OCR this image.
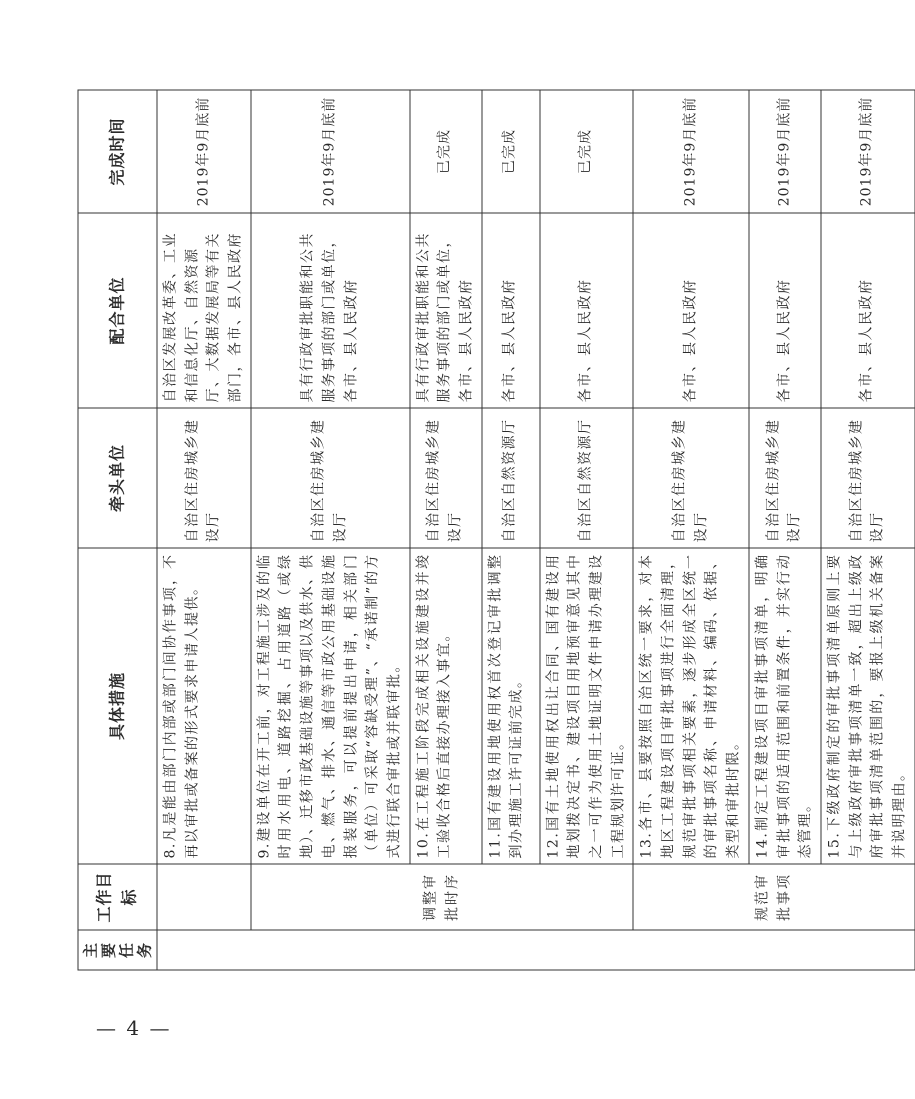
主要任务	工作目标	具体措施	牵头单位	配合单位	完成时间
		8.凡是能由部门内部或部门间协作事项，不再以审批或备案的形式要求申请人提供。	自治区住房城乡建设厅	自治区发展改革委、工业和信息化厅、自然资源厅、大数据发展局等有关部门，各市、县人民政府	2019年9月底前
	调整审批时序	9.建设单位在开工前，对工程施工涉及的临时用水用电、道路挖掘、占用道路（或绿地）、迁移市政基础设施等事项以及供水、供电、燃气、排水、通信等市政公用基础设施报装服务，可以提前提出申请，相关部门（单位）可采取“容缺受理”、“承诺制”的方式进行联合审批或并联审批。	自治区住房城乡建设厅	具有行政审批职能和公共服务事项的部门或单位，各市、县人民政府	2019年9月底前
		10.在工程施工阶段完成相关设施建设并竣工验收合格后直接办理接入事宜。	自治区住房城乡建设厅	具有行政审批职能和公共服务事项的部门或单位，各市、县人民政府	已完成
		11.国有建设用地使用权首次登记审批调整到办理施工许可证前完成。	自治区自然资源厅	各市、县人民政府	已完成
		12.国有土地使用权出让合同、国有建设用地划拨决定书、建设项目用地预审意见其中之一可作为使用土地证明文件申请办理建设工程规划许可证。	自治区自然资源厅	各市、县人民政府	已完成
	规范审批事项	13.各市、县要按照自治区统一要求，对本地区工程建设项目审批事项进行全面清理，规范审批事项相关要素，逐步形成全区统一的审批事项名称、申请材料、编码、依据、类型和审批时限。	自治区住房城乡建设厅	各市、县人民政府	2019年9月底前
		14.制定工程建设项目审批事项清单，明确审批事项的适用范围和前置条件，并实行动态管理。	自治区住房城乡建设厅	各市、县人民政府	2019年9月底前
		15.下级政府制定的审批事项清单原则上要与上级政府审批事项清单一致，超出上级政府审批事项清单范围的，要报上级机关备案并说明理由。	自治区住房城乡建设厅	各市、县人民政府	2019年9月底前
— 4 —
